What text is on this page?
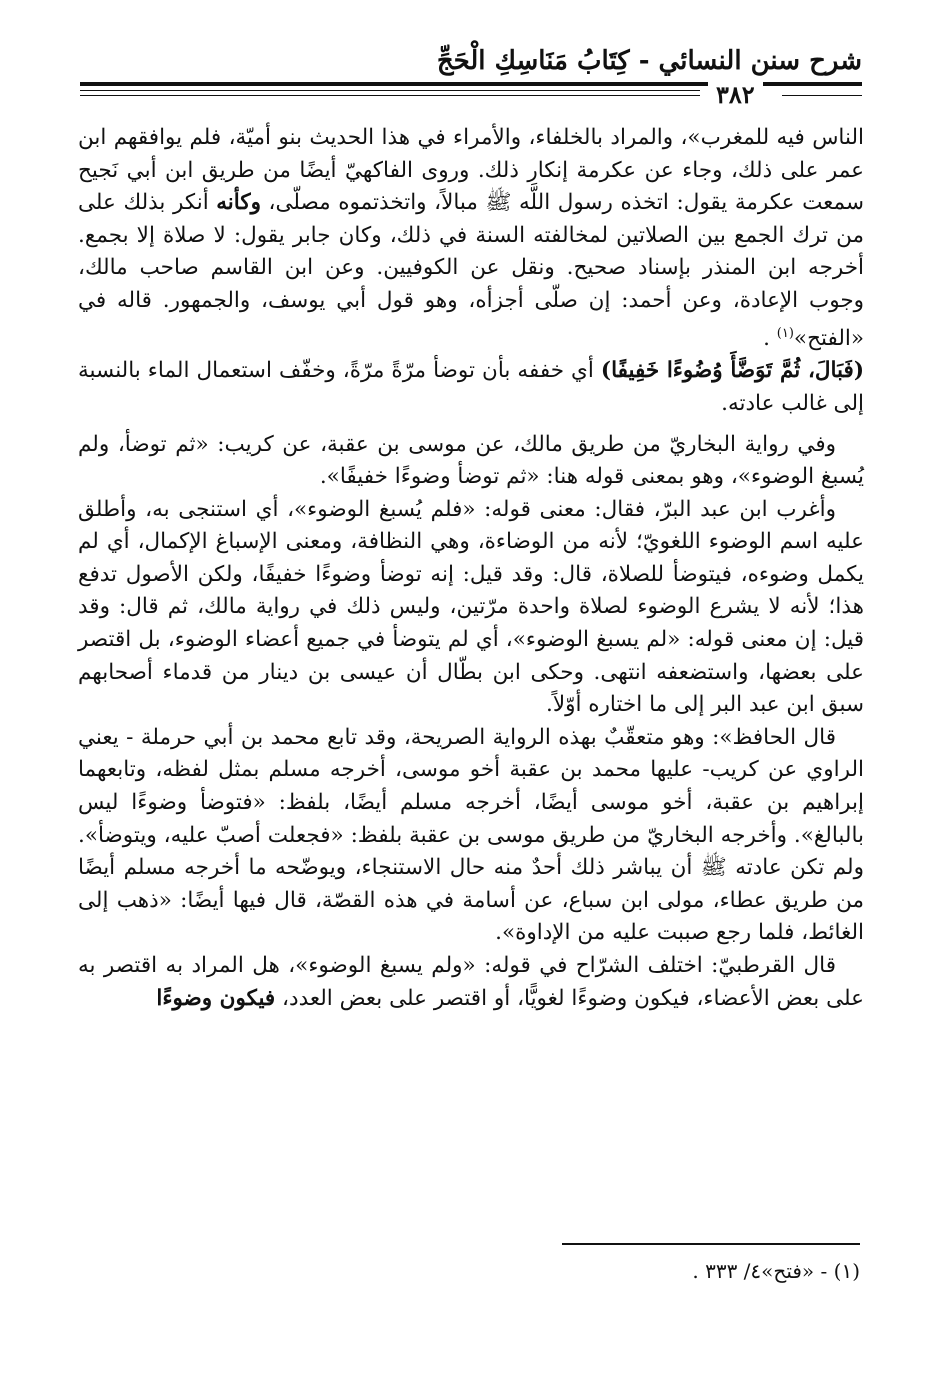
شرح سنن النسائي - كِتَابُ مَنَاسِكِ الْحَجِّ
٣٨٢

الناس فيه للمغرب»، والمراد بالخلفاء، والأمراء في هذا الحديث بنو أميّة، فلم يوافقهم ابن عمر على ذلك، وجاء عن عكرمة إنكار ذلك. وروى الفاكهيّ أيضًا من طريق ابن أبي نَجيح سمعت عكرمة يقول: اتخذه رسول اللَّه ﷺ مبالاً، واتخذتموه مصلّى، وكأنه أنكر بذلك على من ترك الجمع بين الصلاتين لمخالفته السنة في ذلك، وكان جابر يقول: لا صلاة إلا بجمع. أخرجه ابن المنذر بإسناد صحيح. ونقل عن الكوفيين. وعن ابن القاسم صاحب مالك، وجوب الإعادة، وعن أحمد: إن صلّى أجزأه، وهو قول أبي يوسف، والجمهور. قاله في «الفتح»$^{(١)}$ .

(فَبَالَ، ثُمَّ تَوَضَّأَ وُضُوءًا خَفِيفًا) أي خففه بأن توضأ مرّةً مرّةً، وخفّف استعمال الماء بالنسبة إلى غالب عادته.

وفي رواية البخاريّ من طريق مالك، عن موسى بن عقبة، عن كريب: «ثم توضأ، ولم يُسبغ الوضوء»، وهو بمعنى قوله هنا: «ثم توضأ وضوءًا خفيفًا».

وأغرب ابن عبد البرّ، فقال: معنى قوله: «فلم يُسبغ الوضوء»، أي استنجى به، وأطلق عليه اسم الوضوء اللغويّ؛ لأنه من الوضاءة، وهي النظافة، ومعنى الإسباغ الإكمال، أي لم يكمل وضوءه، فيتوضأ للصلاة، قال: وقد قيل: إنه توضأ وضوءًا خفيفًا، ولكن الأصول تدفع هذا؛ لأنه لا يشرع الوضوء لصلاة واحدة مرّتين، وليس ذلك في رواية مالك، ثم قال: وقد قيل: إن معنى قوله: «لم يسبغ الوضوء»، أي لم يتوضأ في جميع أعضاء الوضوء، بل اقتصر على بعضها، واستضعفه انتهى. وحكى ابن بطّال أن عيسى بن دينار من قدماء أصحابهم سبق ابن عبد البر إلى ما اختاره أوّلاً.

قال الحافظ»: وهو متعقّبٌ بهذه الرواية الصريحة، وقد تابع محمد بن أبي حرملة - يعني الراوي عن كريب- عليها محمد بن عقبة أخو موسى، أخرجه مسلم بمثل لفظه، وتابعهما إبراهيم بن عقبة، أخو موسى أيضًا، أخرجه مسلم أيضًا، بلفظ: «فتوضأ وضوءًا ليس بالبالغ». وأخرجه البخاريّ من طريق موسى بن عقبة بلفظ: «فجعلت أصبّ عليه، ويتوضأ». ولم تكن عادته ﷺ أن يباشر ذلك أحدٌ منه حال الاستنجاء، ويوضّحه ما أخرجه مسلم أيضًا من طريق عطاء، مولى ابن سباع، عن أسامة في هذه القصّة، قال فيها أيضًا: «ذهب إلى الغائط، فلما رجع صببت عليه من الإداوة».

قال القرطبيّ: اختلف الشرّاح في قوله: «ولم يسبغ الوضوء»، هل المراد به اقتصر به على بعض الأعضاء، فيكون وضوءًا لغويًّا، أو اقتصر على بعض العدد، فيكون وضوءًا

(١) - «فتح»٤/ ٣٣٣ .
